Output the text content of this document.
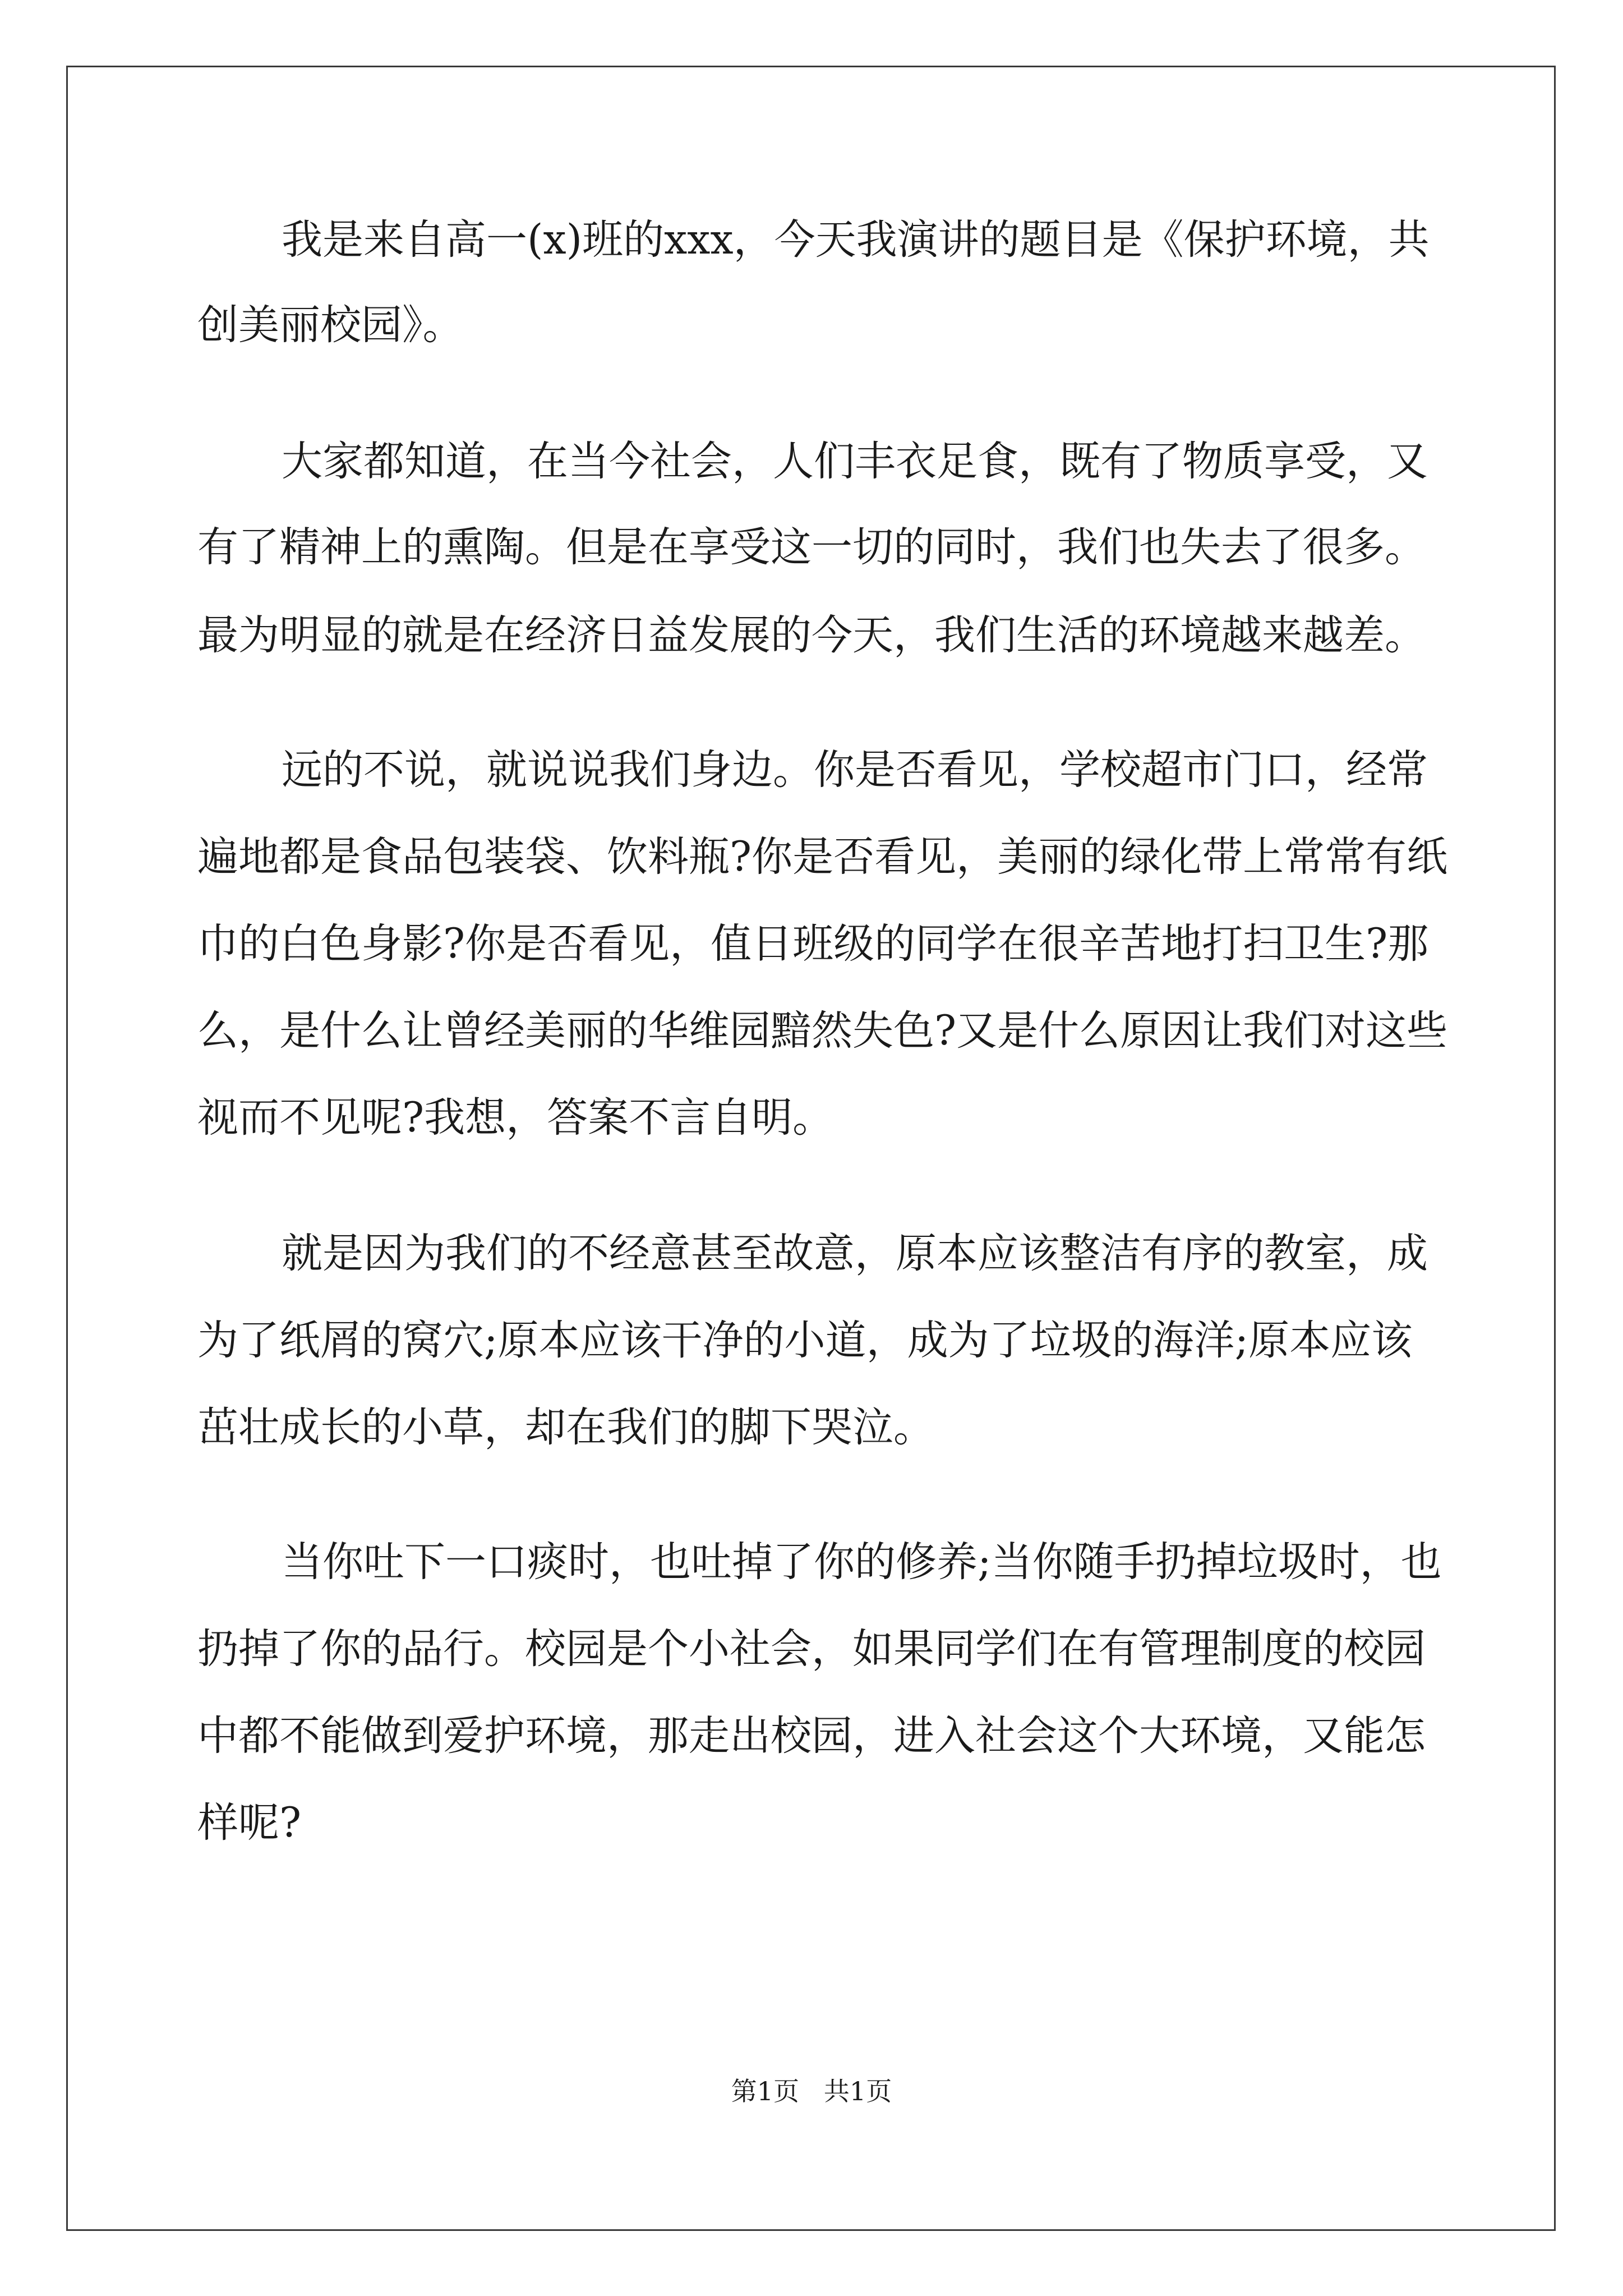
我是来自高一(x)班的xxx，今天我演讲的题目是《保护环境，共
创美丽校园》。
大家都知道，在当今社会，人们丰衣足食，既有了物质享受，又
有了精神上的熏陶。但是在享受这一切的同时，我们也失去了很多。
最为明显的就是在经济日益发展的今天，我们生活的环境越来越差。
远的不说，就说说我们身边。你是否看见，学校超市门口，经常
遍地都是食品包装袋、饮料瓶?你是否看见，美丽的绿化带上常常有纸
巾的白色身影?你是否看见，值日班级的同学在很辛苦地打扫卫生?那
么，是什么让曾经美丽的华维园黯然失色?又是什么原因让我们对这些
视而不见呢?我想，答案不言自明。
就是因为我们的不经意甚至故意，原本应该整洁有序的教室，成
为了纸屑的窝穴;原本应该干净的小道，成为了垃圾的海洋;原本应该
茁壮成长的小草，却在我们的脚下哭泣。
当你吐下一口痰时，也吐掉了你的修养;当你随手扔掉垃圾时，也
扔掉了你的品行。校园是个小社会，如果同学们在有管理制度的校园
中都不能做到爱护环境，那走出校园，进入社会这个大环境，又能怎
样呢?
第1页   共1页
